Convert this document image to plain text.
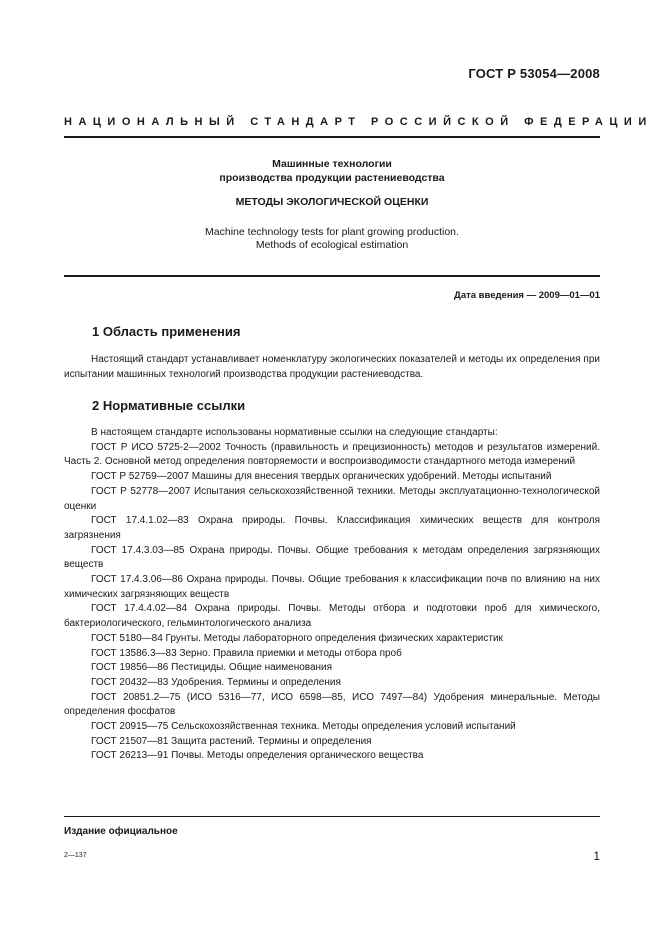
ГОСТ Р 53054—2008
НАЦИОНАЛЬНЫЙ СТАНДАРТ РОССИЙСКОЙ ФЕДЕРАЦИИ
Машинные технологии
производства продукции растениеводства
МЕТОДЫ ЭКОЛОГИЧЕСКОЙ ОЦЕНКИ
Machine technology tests for plant growing production.
Methods of ecological estimation
Дата введения — 2009—01—01
1 Область применения

Настоящий стандарт устанавливает номенклатуру экологических показателей и методы их определения при испытании машинных технологий производства продукции растениеводства.

2 Нормативные ссылки

В настоящем стандарте использованы нормативные ссылки на следующие стандарты:

ГОСТ Р ИСО 5725-2—2002 Точность (правильность и прецизионность) методов и результатов измерений. Часть 2. Основной метод определения повторяемости и воспроизводимости стандартного метода измерений

ГОСТ Р 52759—2007 Машины для внесения твердых органических удобрений. Методы испытаний

ГОСТ Р 52778—2007 Испытания сельскохозяйственной техники. Методы эксплуатационно-технологической оценки

ГОСТ 17.4.1.02—83 Охрана природы. Почвы. Классификация химических веществ для контроля загрязнения

ГОСТ 17.4.3.03—85 Охрана природы. Почвы. Общие требования к методам определения загрязняющих веществ

ГОСТ 17.4.3.06—86 Охрана природы. Почвы. Общие требования к классификации почв по влиянию на них химических загрязняющих веществ

ГОСТ 17.4.4.02—84 Охрана природы. Почвы. Методы отбора и подготовки проб для химического, бактериологического, гельминтологического анализа

ГОСТ 5180—84 Грунты. Методы лабораторного определения физических характеристик

ГОСТ 13586.3—83 Зерно. Правила приемки и методы отбора проб

ГОСТ 19856—86 Пестициды. Общие наименования

ГОСТ 20432—83 Удобрения. Термины и определения

ГОСТ 20851.2—75 (ИСО 5316—77, ИСО 6598—85, ИСО 7497—84) Удобрения минеральные. Методы определения фосфатов

ГОСТ 20915—75 Сельскохозяйственная техника. Методы определения условий испытаний

ГОСТ 21507—81 Защита растений. Термины и определения

ГОСТ 26213—91 Почвы. Методы определения органического вещества

Издание официальное
2—137	1
